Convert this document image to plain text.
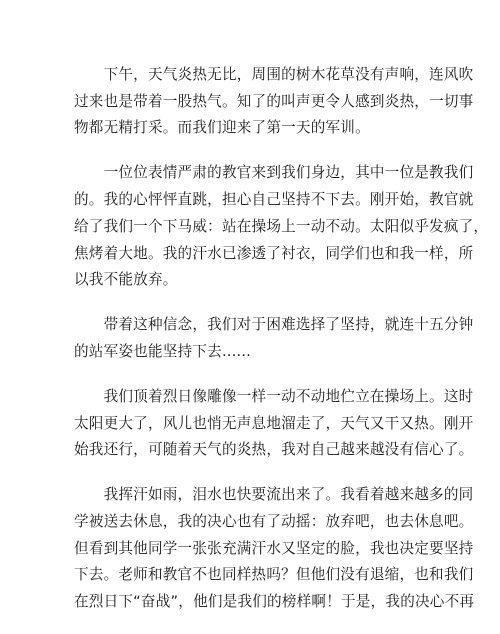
　　下午，天气炎热无比，周围的树木花草没有声响，连风吹
过来也是带着一股热气。知了的叫声更令人感到炎热，一切事
物都无精打采。而我们迎来了第一天的军训。

　　一位位表情严肃的教官来到我们身边，其中一位是教我们
的。我的心怦怦直跳，担心自己坚持不下去。刚开始，教官就
给了我们一个下马威：站在操场上一动不动。太阳似乎发疯了，
焦烤着大地。我的汗水已渗透了衬衣，同学们也和我一样，所
以我不能放弃。

　　带着这种信念，我们对于困难选择了坚持，就连十五分钟
的站军姿也能坚持下去......

　　我们顶着烈日像雕像一样一动不动地伫立在操场上。这时
太阳更大了，风儿也悄无声息地溜走了，天气又干又热。刚开
始我还行，可随着天气的炎热，我对自己越来越没有信心了。

　　我挥汗如雨，泪水也快要流出来了。我看着越来越多的同
学被送去休息，我的决心也有了动摇：放弃吧，也去休息吧。
但看到其他同学一张张充满汗水又坚定的脸，我也决定要坚持
下去。老师和教官不也同样热吗？但他们没有退缩，也和我们
在烈日下“奋战”，他们是我们的榜样啊！于是，我的决心不再
